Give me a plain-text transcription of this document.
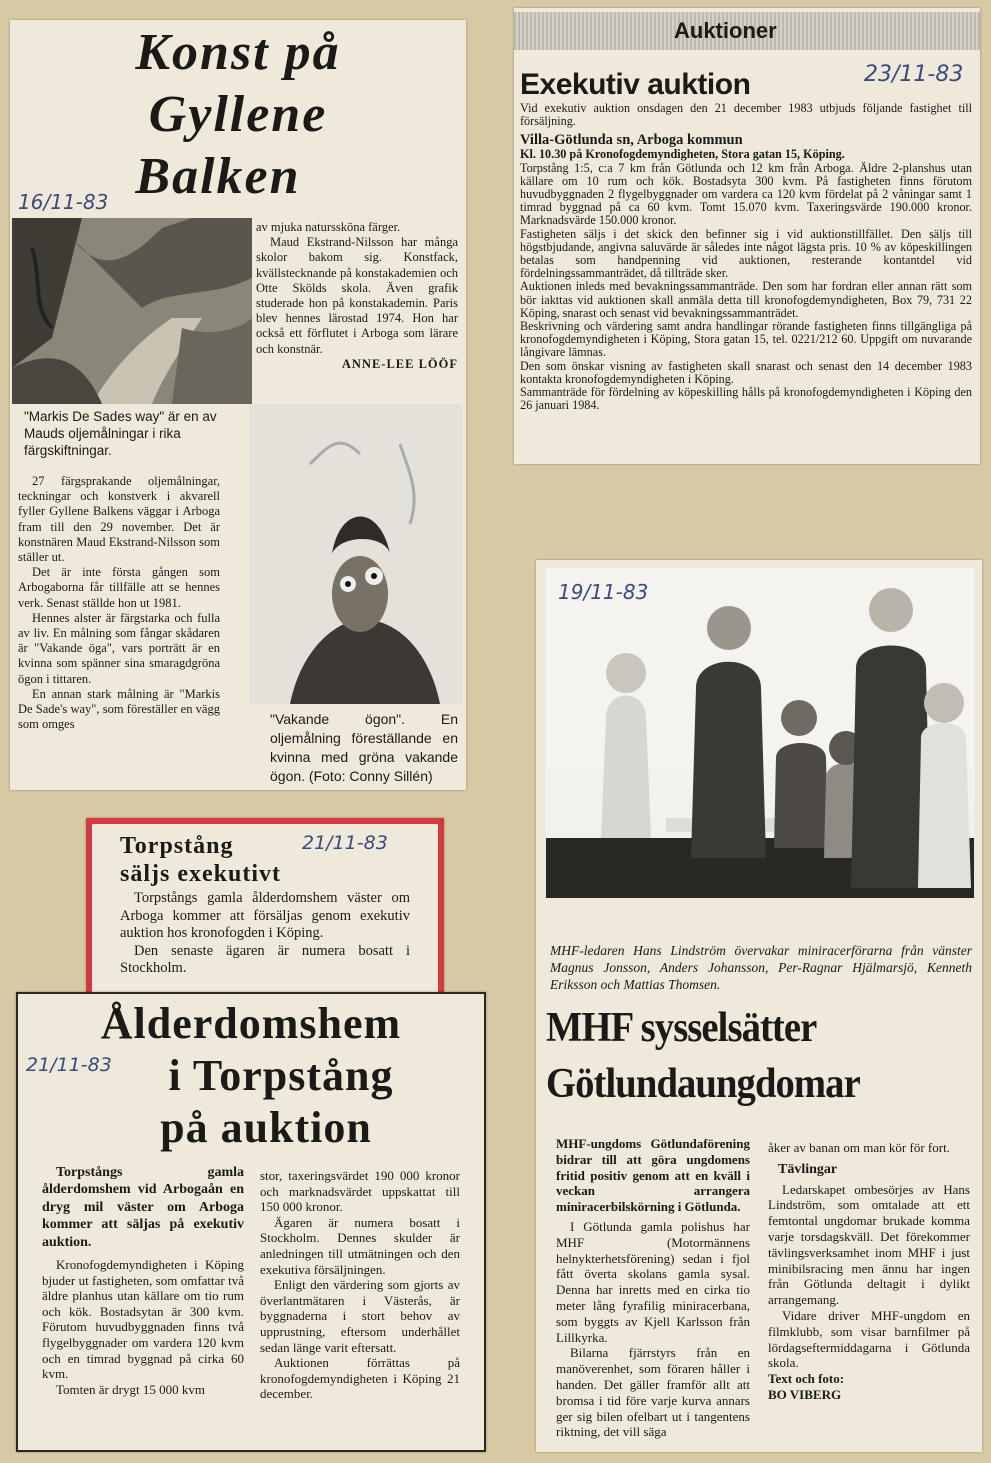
Konst på
Gyllene
Balken
16/11-83
"Markis De Sades way" är en av Mauds oljemålningar i rika färgskiftningar.

27 färgsprakande oljemålningar, teckningar och konstverk i akvarell fyller Gyllene Balkens väggar i Arboga fram till den 29 november. Det är konstnären Maud Ekstrand-Nilsson som ställer ut.

Det är inte första gången som Arbogaborna får tillfälle att se hennes verk. Senast ställde hon ut 1981.

Hennes alster är färgstarka och fulla av liv. En målning som fångar skådaren är "Vakande öga", vars porträtt är en kvinna som spänner sina smaragdgröna ögon i tittaren.

En annan stark målning är "Markis De Sade's way", som föreställer en vägg som omges

av mjuka naturssköna färger.

Maud Ekstrand-Nilsson har många skolor bakom sig. Konstfack, kvällstecknande på konstakademien och Otte Skölds skola. Även grafik studerade hon på konstakademin. Paris blev hennes lärostad 1974. Hon har också ett förflutet i Arboga som lärare och konstnär.

ANNE-LEE LÖÖF

"Vakande ögon". En oljemålning föreställande en kvinna med gröna vakande ögon. (Foto: Conny Sillén)
Auktioner
Exekutiv auktion	23/11-83

Vid exekutiv auktion onsdagen den 21 december 1983 utbjuds följande fastighet till försäljning.

Villa-Götlunda sn, Arboga kommun

Kl. 10.30 på Kronofogdemyndigheten, Stora gatan 15, Köping.

Torpstång 1:5, c:a 7 km från Götlunda och 12 km från Arboga. Äldre 2-planshus utan källare om 10 rum och kök. Bostadsyta 300 kvm. På fastigheten finns förutom huvudbyggnaden 2 flygelbyggnader om vardera ca 120 kvm fördelat på 2 våningar samt 1 timrad byggnad på ca 60 kvm. Tomt 15.070 kvm. Taxeringsvärde 190.000 kronor. Marknadsvärde 150.000 kronor.

Fastigheten säljs i det skick den befinner sig i vid auktionstillfället. Den säljs till högstbjudande, angivna saluvärde är således inte något lägsta pris. 10 % av köpeskillingen betalas som handpenning vid auktionen, resterande kontantdel vid fördelningssammanträdet, då tillträde sker.

Auktionen inleds med bevakningssammanträde. Den som har fordran eller annan rätt som bör iakttas vid auktionen skall anmäla detta till kronofogdemyndigheten, Box 79, 731 22 Köping, snarast och senast vid bevakningssammanträdet.

Beskrivning och värdering samt andra handlingar rörande fastigheten finns tillgängliga på kronofogdemyndigheten i Köping, Stora gatan 15, tel. 0221/212 60. Uppgift om nuvarande långivare lämnas.

Den som önskar visning av fastigheten skall snarast och senast den 14 december 1983 kontakta kronofogdemyndigheten i Köping.

Sammanträde för fördelning av köpeskilling hålls på kronofogdemyndigheten i Köping den 26 januari 1984.

Torpstång
säljs exekutivt
21/11-83

Torpstångs gamla ålderdomshem väster om Arboga kommer att försäljas genom exekutiv auktion hos kronofogden i Köping.

Den senaste ägaren är numera bosatt i Stockholm.

Ålderdomshem
i Torpstång
på auktion
21/11-83

Torpstångs gamla ålderdomshem vid Arbogaån en dryg mil väster om Arboga kommer att säljas på exekutiv auktion.

Kronofogdemyndigheten i Köping bjuder ut fastigheten, som omfattar två äldre planhus utan källare om tio rum och kök. Bostadsytan är 300 kvm. Förutom huvudbyggnaden finns två flygelbyggnader om vardera 120 kvm och en timrad byggnad på cirka 60 kvm.

Tomten är drygt 15 000 kvm

stor, taxeringsvärdet 190 000 kronor och marknadsvärdet uppskattat till 150 000 kronor.

Ägaren är numera bosatt i Stockholm. Dennes skulder är anledningen till utmätningen och den exekutiva försäljningen.

Enligt den värdering som gjorts av överlantmätaren i Västerås, är byggnaderna i stort behov av upprustning, eftersom underhållet sedan länge varit eftersatt.

Auktionen förrättas på kronofogdemyndigheten i Köping 21 december.

19/11-83
MHF-ledaren Hans Lindström övervakar miniracerförarna från vänster Magnus Jonsson, Anders Johansson, Per-Ragnar Hjälmarsjö, Kenneth Eriksson och Mattias Thomsen.
MHF sysselsätter
Götlundaungdomar

MHF-ungdoms Götlundaförening bidrar till att göra ungdomens fritid positiv genom att en kväll i veckan arrangera miniracerbilskörning i Götlunda.

I Götlunda gamla polishus har MHF (Motormännens helnykterhetsförening) sedan i fjol fått överta skolans gamla sysal. Denna har inretts med en cirka tio meter lång fyrafilig miniracerbana, som byggts av Kjell Karlsson från Lillkyrka.

Bilarna fjärrstyrs från en manöverenhet, som föraren håller i handen. Det gäller framför allt att bromsa i tid före varje kurva annars ger sig bilen ofelbart ut i tangentens riktning, det vill säga

åker av banan om man kör för fort.

Tävlingar

Ledarskapet ombesörjes av Hans Lindström, som omtalade att ett femtontal ungdomar brukade komma varje torsdagskväll. Det förekommer tävlingsverksamhet inom MHF i just minibilsracing men ännu har ingen från Götlunda deltagit i dylikt arrangemang.

Vidare driver MHF-ungdom en filmklubb, som visar barnfilmer på lördagseftermiddagarna i Götlunda skola.

Text och foto:

BO VIBERG
